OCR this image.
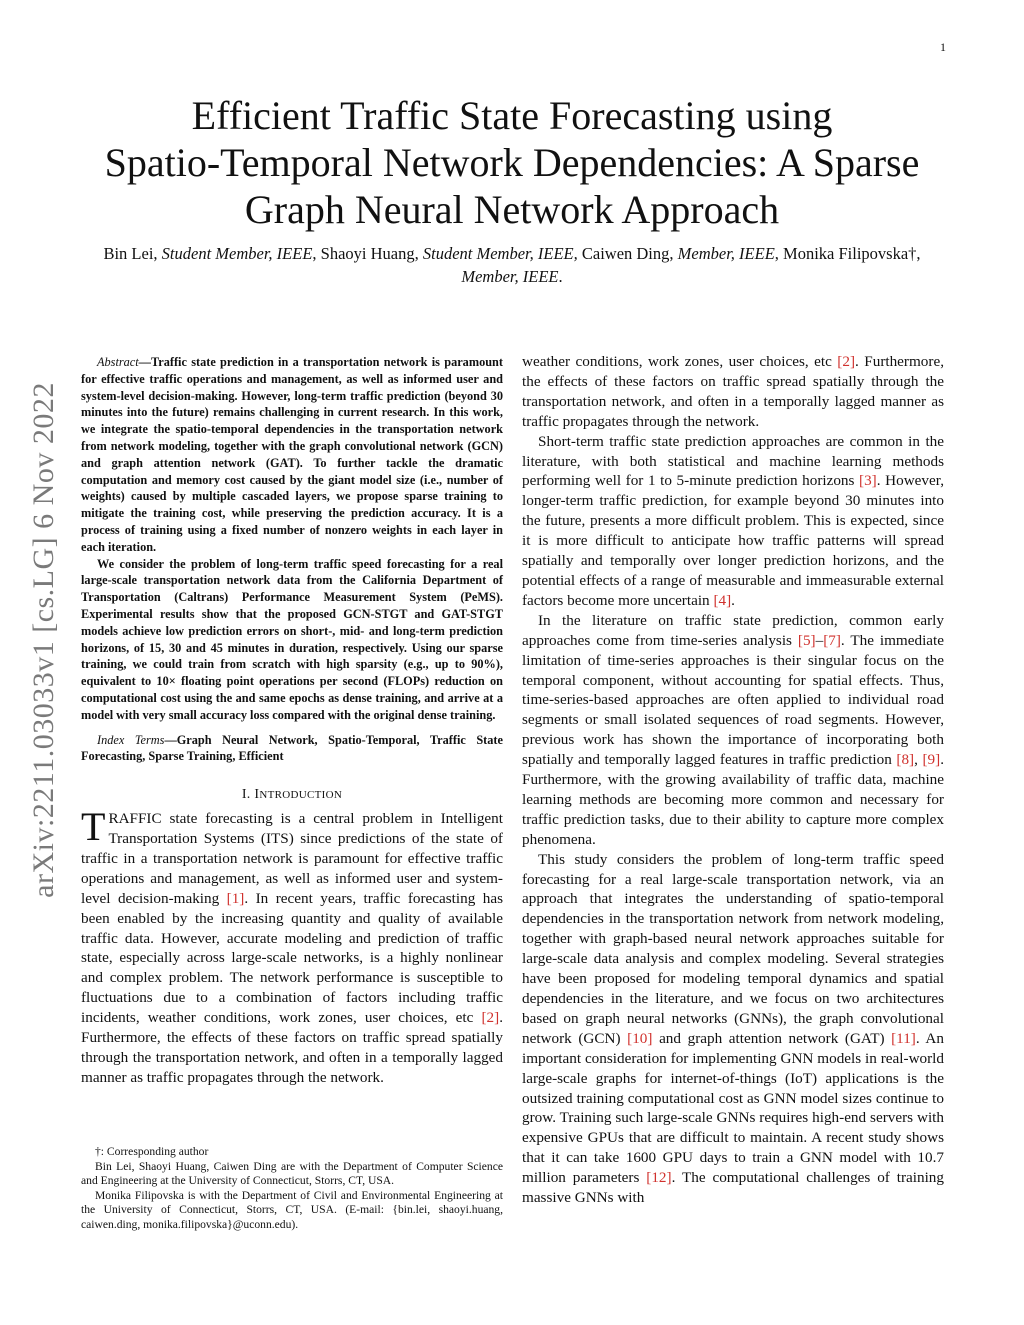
1
Efficient Traffic State Forecasting using
Spatio-Temporal Network Dependencies: A Sparse
Graph Neural Network Approach
Bin Lei, Student Member, IEEE, Shaoyi Huang, Student Member, IEEE, Caiwen Ding, Member, IEEE, Monika Filipovska†, Member, IEEE.
arXiv:2211.03033v1 [cs.LG] 6 Nov 2022

Abstract—Traffic state prediction in a transportation network is paramount for effective traffic operations and management, as well as informed user and system-level decision-making. However, long-term traffic prediction (beyond 30 minutes into the future) remains challenging in current research. In this work, we integrate the spatio-temporal dependencies in the transportation network from network modeling, together with the graph convolutional network (GCN) and graph attention network (GAT). To further tackle the dramatic computation and memory cost caused by the giant model size (i.e., number of weights) caused by multiple cascaded layers, we propose sparse training to mitigate the training cost, while preserving the prediction accuracy. It is a process of training using a fixed number of nonzero weights in each layer in each iteration.

We consider the problem of long-term traffic speed forecasting for a real large-scale transportation network data from the California Department of Transportation (Caltrans) Performance Measurement System (PeMS). Experimental results show that the proposed GCN-STGT and GAT-STGT models achieve low prediction errors on short-, mid- and long-term prediction horizons, of 15, 30 and 45 minutes in duration, respectively. Using our sparse training, we could train from scratch with high sparsity (e.g., up to 90%), equivalent to 10× floating point operations per second (FLOPs) reduction on computational cost using the and same epochs as dense training, and arrive at a model with very small accuracy loss compared with the original dense training.

Index Terms—Graph Neural Network, Spatio-Temporal, Traffic State Forecasting, Sparse Training, Efficient

I. INTRODUCTION

TRAFFIC state forecasting is a central problem in Intelligent Transportation Systems (ITS) since predictions of the state of traffic in a transportation network is paramount for effective traffic operations and management, as well as informed user and system-level decision-making [1]. In recent years, traffic forecasting has been enabled by the increasing quantity and quality of available traffic data. However, accurate modeling and prediction of traffic state, especially across large-scale networks, is a highly nonlinear and complex problem. The network performance is susceptible to fluctuations due to a combination of factors including traffic incidents, weather conditions, work zones, user choices, etc [2]. Furthermore, the effects of these factors on traffic spread spatially through the transportation network, and often in a temporally lagged manner as traffic propagates through the network.

weather conditions, work zones, user choices, etc [2]. Furthermore, the effects of these factors on traffic spread spatially through the transportation network, and often in a temporally lagged manner as traffic propagates through the network.

Short-term traffic state prediction approaches are common in the literature, with both statistical and machine learning methods performing well for 1 to 5-minute prediction horizons [3]. However, longer-term traffic prediction, for example beyond 30 minutes into the future, presents a more difficult problem. This is expected, since it is more difficult to anticipate how traffic patterns will spread spatially and temporally over longer prediction horizons, and the potential effects of a range of measurable and immeasurable external factors become more uncertain [4].

In the literature on traffic state prediction, common early approaches come from time-series analysis [5]–[7]. The immediate limitation of time-series approaches is their singular focus on the temporal component, without accounting for spatial effects. Thus, time-series-based approaches are often applied to individual road segments or small isolated sequences of road segments. However, previous work has shown the importance of incorporating both spatially and temporally lagged features in traffic prediction [8], [9]. Furthermore, with the growing availability of traffic data, machine learning methods are becoming more common and necessary for traffic prediction tasks, due to their ability to capture more complex phenomena.

This study considers the problem of long-term traffic speed forecasting for a real large-scale transportation network, via an approach that integrates the understanding of spatio-temporal dependencies in the transportation network from network modeling, together with graph-based neural network approaches suitable for large-scale data analysis and complex modeling. Several strategies have been proposed for modeling temporal dynamics and spatial dependencies in the literature, and we focus on two architectures based on graph neural networks (GNNs), the graph convolutional network (GCN) [10] and graph attention network (GAT) [11]. An important consideration for implementing GNN models in real-world large-scale graphs for internet-of-things (IoT) applications is the outsized training computational cost as GNN model sizes continue to grow. Training such large-scale GNNs requires high-end servers with expensive GPUs that are difficult to maintain. A recent study shows that it can take 1600 GPU days to train a GNN model with 10.7 million parameters [12]. The computational challenges of training massive GNNs with

†: Corresponding author

Bin Lei, Shaoyi Huang, Caiwen Ding are with the Department of Computer Science and Engineering at the University of Connecticut, Storrs, CT, USA.

Monika Filipovska is with the Department of Civil and Environmental Engineering at the University of Connecticut, Storrs, CT, USA. (E-mail: {bin.lei, shaoyi.huang, caiwen.ding, monika.filipovska}@uconn.edu).
